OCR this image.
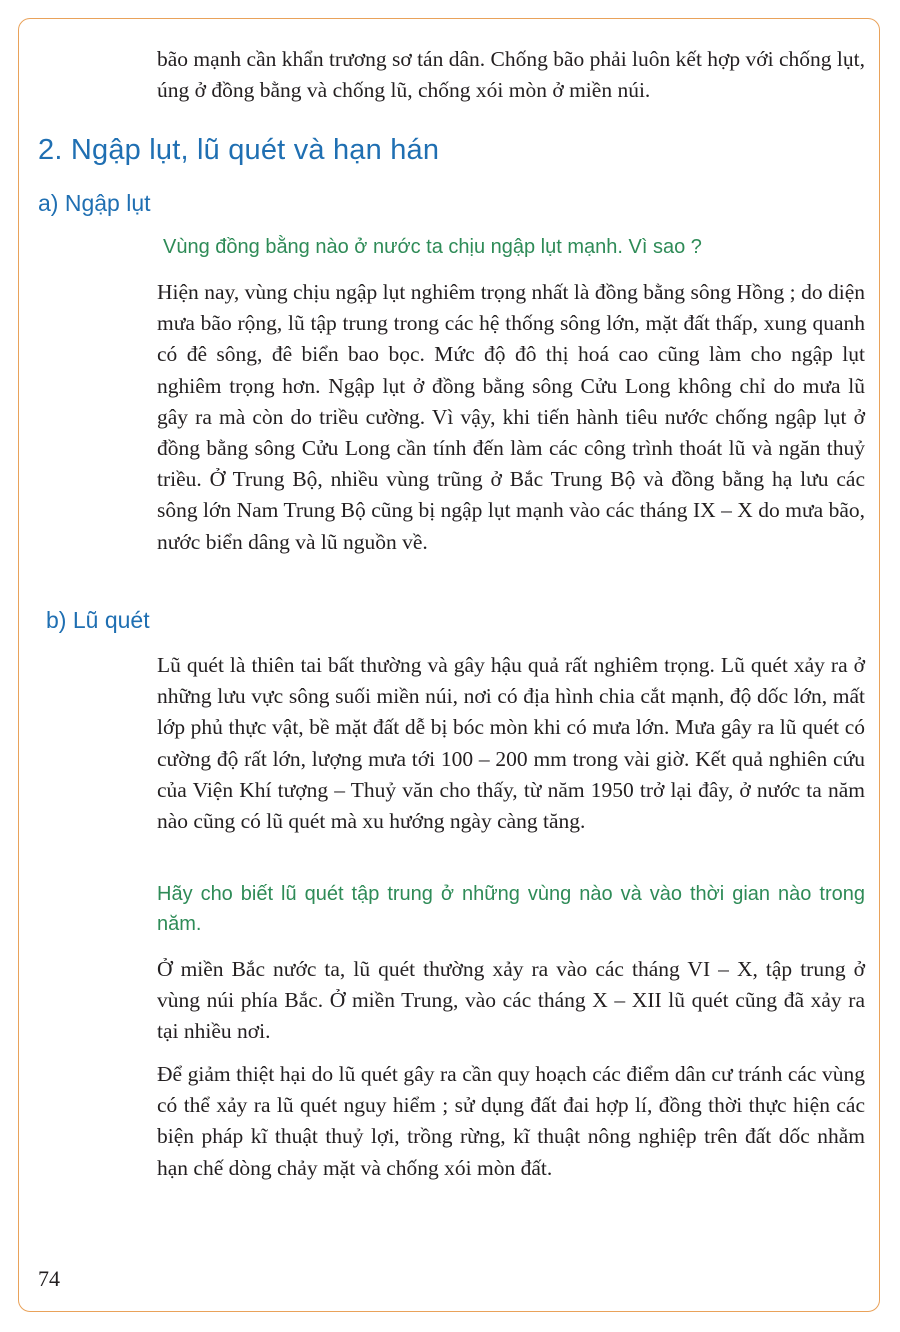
bão mạnh cần khẩn trương sơ tán dân. Chống bão phải luôn kết hợp với chống lụt, úng ở đồng bằng và chống lũ, chống xói mòn ở miền núi.

2. Ngập lụt, lũ quét và hạn hán
a) Ngập lụt

Vùng đồng bằng nào ở nước ta chịu ngập lụt mạnh. Vì sao ?

Hiện nay, vùng chịu ngập lụt nghiêm trọng nhất là đồng bằng sông Hồng ; do diện mưa bão rộng, lũ tập trung trong các hệ thống sông lớn, mặt đất thấp, xung quanh có đê sông, đê biển bao bọc. Mức độ đô thị hoá cao cũng làm cho ngập lụt nghiêm trọng hơn. Ngập lụt ở đồng bằng sông Cửu Long không chỉ do mưa lũ gây ra mà còn do triều cường. Vì vậy, khi tiến hành tiêu nước chống ngập lụt ở đồng bằng sông Cửu Long cần tính đến làm các công trình thoát lũ và ngăn thuỷ triều. Ở Trung Bộ, nhiều vùng trũng ở Bắc Trung Bộ và đồng bằng hạ lưu các sông lớn Nam Trung Bộ cũng bị ngập lụt mạnh vào các tháng IX – X do mưa bão, nước biển dâng và lũ nguồn về.

b) Lũ quét

Lũ quét là thiên tai bất thường và gây hậu quả rất nghiêm trọng. Lũ quét xảy ra ở những lưu vực sông suối miền núi, nơi có địa hình chia cắt mạnh, độ dốc lớn, mất lớp phủ thực vật, bề mặt đất dễ bị bóc mòn khi có mưa lớn. Mưa gây ra lũ quét có cường độ rất lớn, lượng mưa tới 100 – 200 mm trong vài giờ. Kết quả nghiên cứu của Viện Khí tượng – Thuỷ văn cho thấy, từ năm 1950 trở lại đây, ở nước ta năm nào cũng có lũ quét mà xu hướng ngày càng tăng.

Hãy cho biết lũ quét tập trung ở những vùng nào và vào thời gian nào trong năm.

Ở miền Bắc nước ta, lũ quét thường xảy ra vào các tháng VI – X, tập trung ở vùng núi phía Bắc. Ở miền Trung, vào các tháng X – XII lũ quét cũng đã xảy ra tại nhiều nơi.

Để giảm thiệt hại do lũ quét gây ra cần quy hoạch các điểm dân cư tránh các vùng có thể xảy ra lũ quét nguy hiểm ; sử dụng đất đai hợp lí, đồng thời thực hiện các biện pháp kĩ thuật thuỷ lợi, trồng rừng, kĩ thuật nông nghiệp trên đất dốc nhằm hạn chế dòng chảy mặt và chống xói mòn đất.

74
